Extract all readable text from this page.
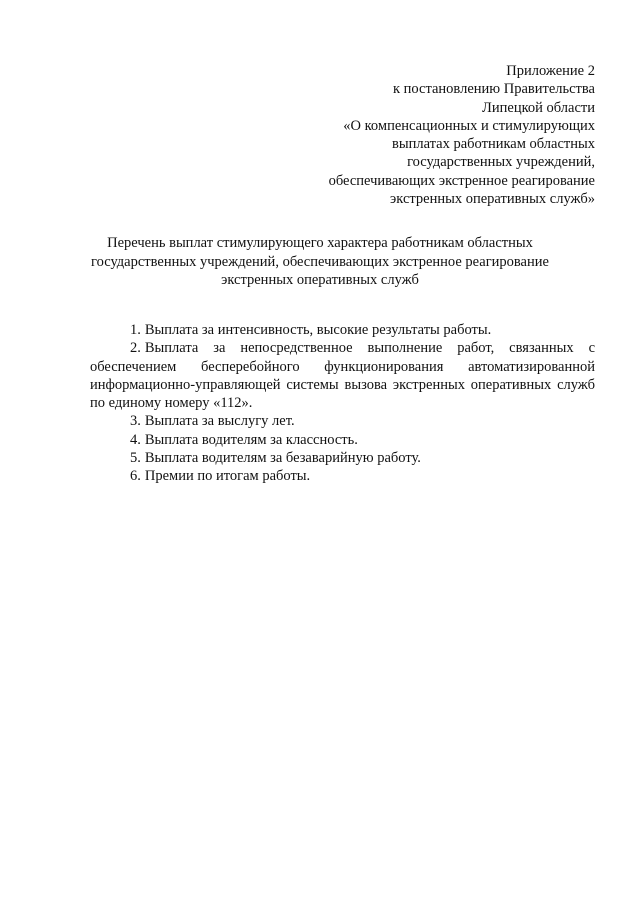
Приложение 2
к постановлению Правительства
Липецкой области
«О компенсационных и стимулирующих
выплатах работникам областных
государственных учреждений,
обеспечивающих экстренное реагирование
экстренных оперативных служб»
Перечень выплат стимулирующего характера работникам областных
государственных учреждений, обеспечивающих экстренное реагирование
экстренных оперативных служб

1. Выплата за интенсивность, высокие результаты работы.

2. Выплата за непосредственное выполнение работ, связанных с обеспечением бесперебойного функционирования автоматизированной информационно-управляющей системы вызова экстренных оперативных служб по единому номеру «112».

3. Выплата за выслугу лет.

4. Выплата водителям за классность.

5. Выплата водителям за безаварийную работу.

6. Премии по итогам работы.
